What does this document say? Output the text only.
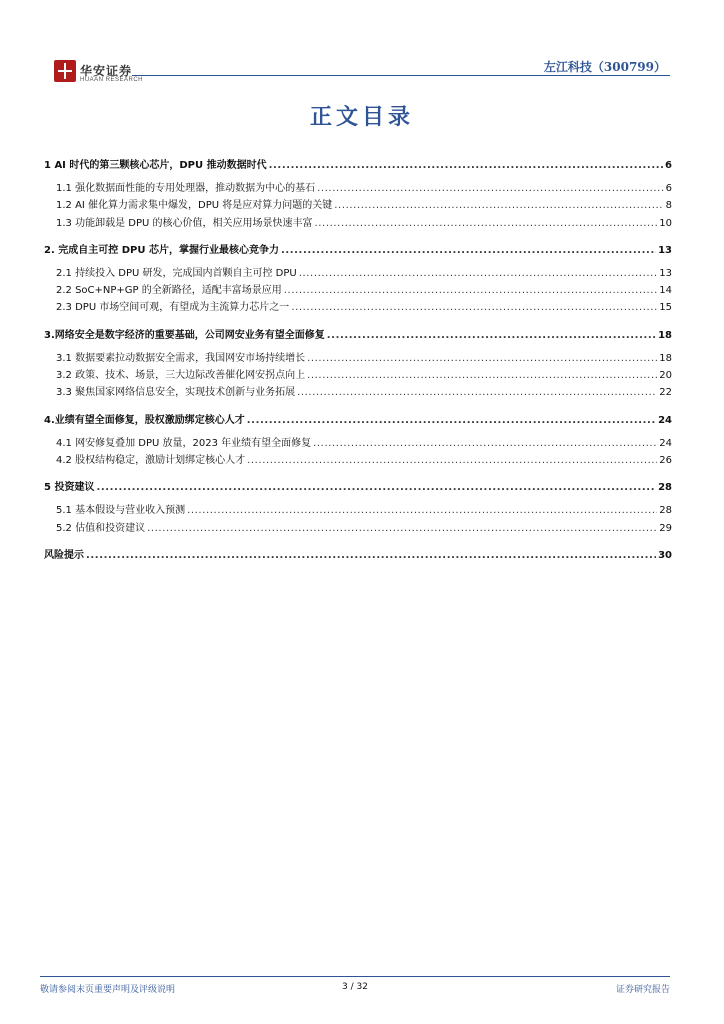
华安证券
HUAAN RESEARCH
左江科技（300799）
正文目录
1 AI 时代的第三颗核心芯片，DPU 推动数据时代 .....	6
1.1 强化数据面性能的专用处理器，推动数据为中心的基石 .....	6
1.2 AI 催化算力需求集中爆发，DPU 将是应对算力问题的关键 .....	8
1.3 功能卸载是 DPU 的核心价值，相关应用场景快速丰富 .....	10
2. 完成自主可控 DPU 芯片，掌握行业最核心竞争力 .....	13
2.1 持续投入 DPU 研发，完成国内首颗自主可控 DPU .....	13
2.2 SoC+NP+GP 的全新路径，适配丰富场景应用 .....	14
2.3 DPU 市场空间可观，有望成为主流算力芯片之一 .....	15
3.网络安全是数字经济的重要基础，公司网安业务有望全面修复 .....	18
3.1 数据要素拉动数据安全需求，我国网安市场持续增长 .....	18
3.2 政策、技术、场景，三大边际改善催化网安拐点向上 .....	20
3.3 聚焦国家网络信息安全，实现技术创新与业务拓展 .....	22
4.业绩有望全面修复，股权激励绑定核心人才 .....	24
4.1 网安修复叠加 DPU 放量，2023 年业绩有望全面修复 .....	24
4.2 股权结构稳定，激励计划绑定核心人才 .....	26
5 投资建议 .....	28
5.1 基本假设与营业收入预测 .....	28
5.2 估值和投资建议 .....	29
风险提示 .....	30
敬请参阅末页重要声明及评级说明	3 / 32	证券研究报告
